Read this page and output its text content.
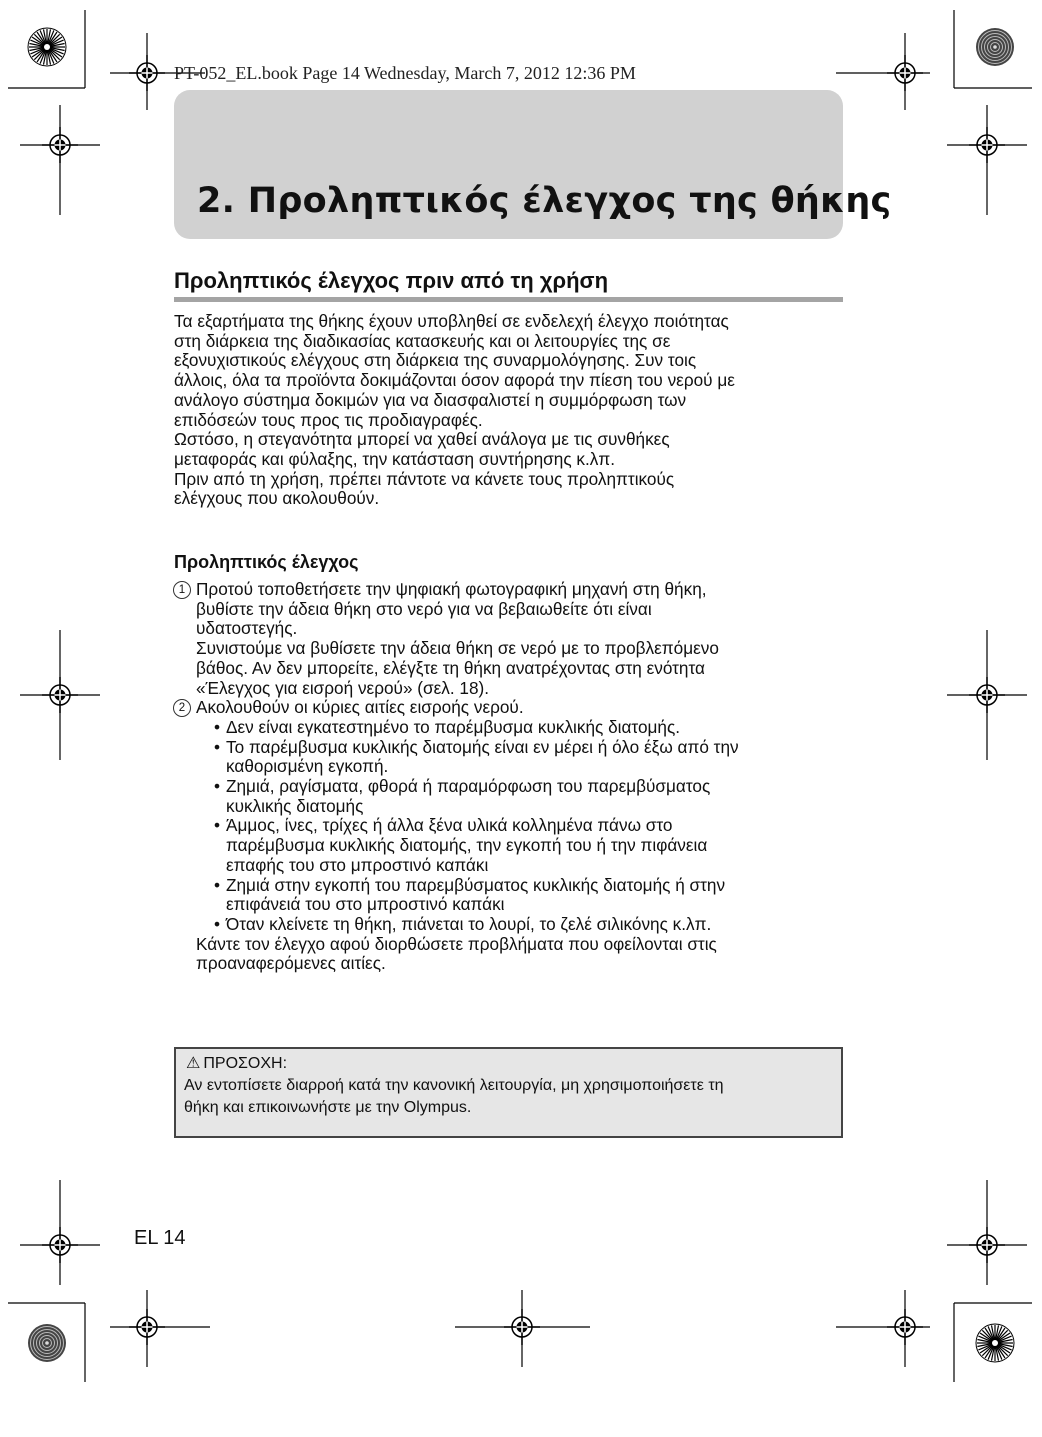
PT-052_EL.book Page 14 Wednesday, March 7, 2012 12:36 PM
2. Προληπτικός έλεγχος της θήκης
Προληπτικός έλεγχος πριν από τη χρήση

Τα εξαρτήματα της θήκης έχουν υποβληθεί σε ενδελεχή έλεγχο ποιότητας

στη διάρκεια της διαδικασίας κατασκευής και οι λειτουργίες της σε

εξονυχιστικούς ελέγχους στη διάρκεια της συναρμολόγησης. Συν τοις

άλλοις, όλα τα προϊόντα δοκιμάζονται όσον αφορά την πίεση του νερού με

ανάλογο σύστημα δοκιμών για να διασφαλιστεί η συμμόρφωση των

επιδόσεών τους προς τις προδιαγραφές.

Ωστόσο, η στεγανότητα μπορεί να χαθεί ανάλογα με τις συνθήκες

μεταφοράς και φύλαξης, την κατάσταση συντήρησης κ.λπ.

Πριν από τη χρήση, πρέπει πάντοτε να κάνετε τους προληπτικούς

ελέγχους που ακολουθούν.

Προληπτικός έλεγχος
1 Προτού τοποθετήσετε την ψηφιακή φωτογραφική μηχανή στη θήκη,

βυθίστε την άδεια θήκη στο νερό για να βεβαιωθείτε ότι είναι

υδατοστεγής.

Συνιστούμε να βυθίσετε την άδεια θήκη σε νερό με το προβλεπόμενο

βάθος. Αν δεν μπορείτε, ελέγξτε τη θήκη ανατρέχοντας στη ενότητα

«Έλεγχος για εισροή νερού» (σελ. 18).

2 Ακολουθούν οι κύριες αιτίες εισροής νερού.

• Δεν είναι εγκατεστημένο το παρέμβυσμα κυκλικής διατομής.
• Το παρέμβυσμα κυκλικής διατομής είναι εν μέρει ή όλο έξω από την
καθορισμένη εγκοπή.
• Ζημιά, ραγίσματα, φθορά ή παραμόρφωση του παρεμβύσματος
κυκλικής διατομής
• Άμμος, ίνες, τρίχες ή άλλα ξένα υλικά κολλημένα πάνω στο
παρέμβυσμα κυκλικής διατομής, την εγκοπή του ή την πιφάνεια
επαφής του στο μπροστινό καπάκι
• Ζημιά στην εγκοπή του παρεμβύσματος κυκλικής διατομής ή στην
επιφάνειά του στο μπροστινό καπάκι
• Όταν κλείνετε τη θήκη, πιάνεται το λουρί, το ζελέ σιλικόνης κ.λπ.

Κάντε τον έλεγχο αφού διορθώσετε προβλήματα που οφείλονται στις

προαναφερόμενες αιτίες.

⚠ ΠΡΟΣΟΧΗ:
Αν εντοπίσετε διαρροή κατά την κανονική λειτουργία, μη χρησιμοποιήσετε τη
θήκη και επικοινωνήστε με την Olympus.
EL 14
